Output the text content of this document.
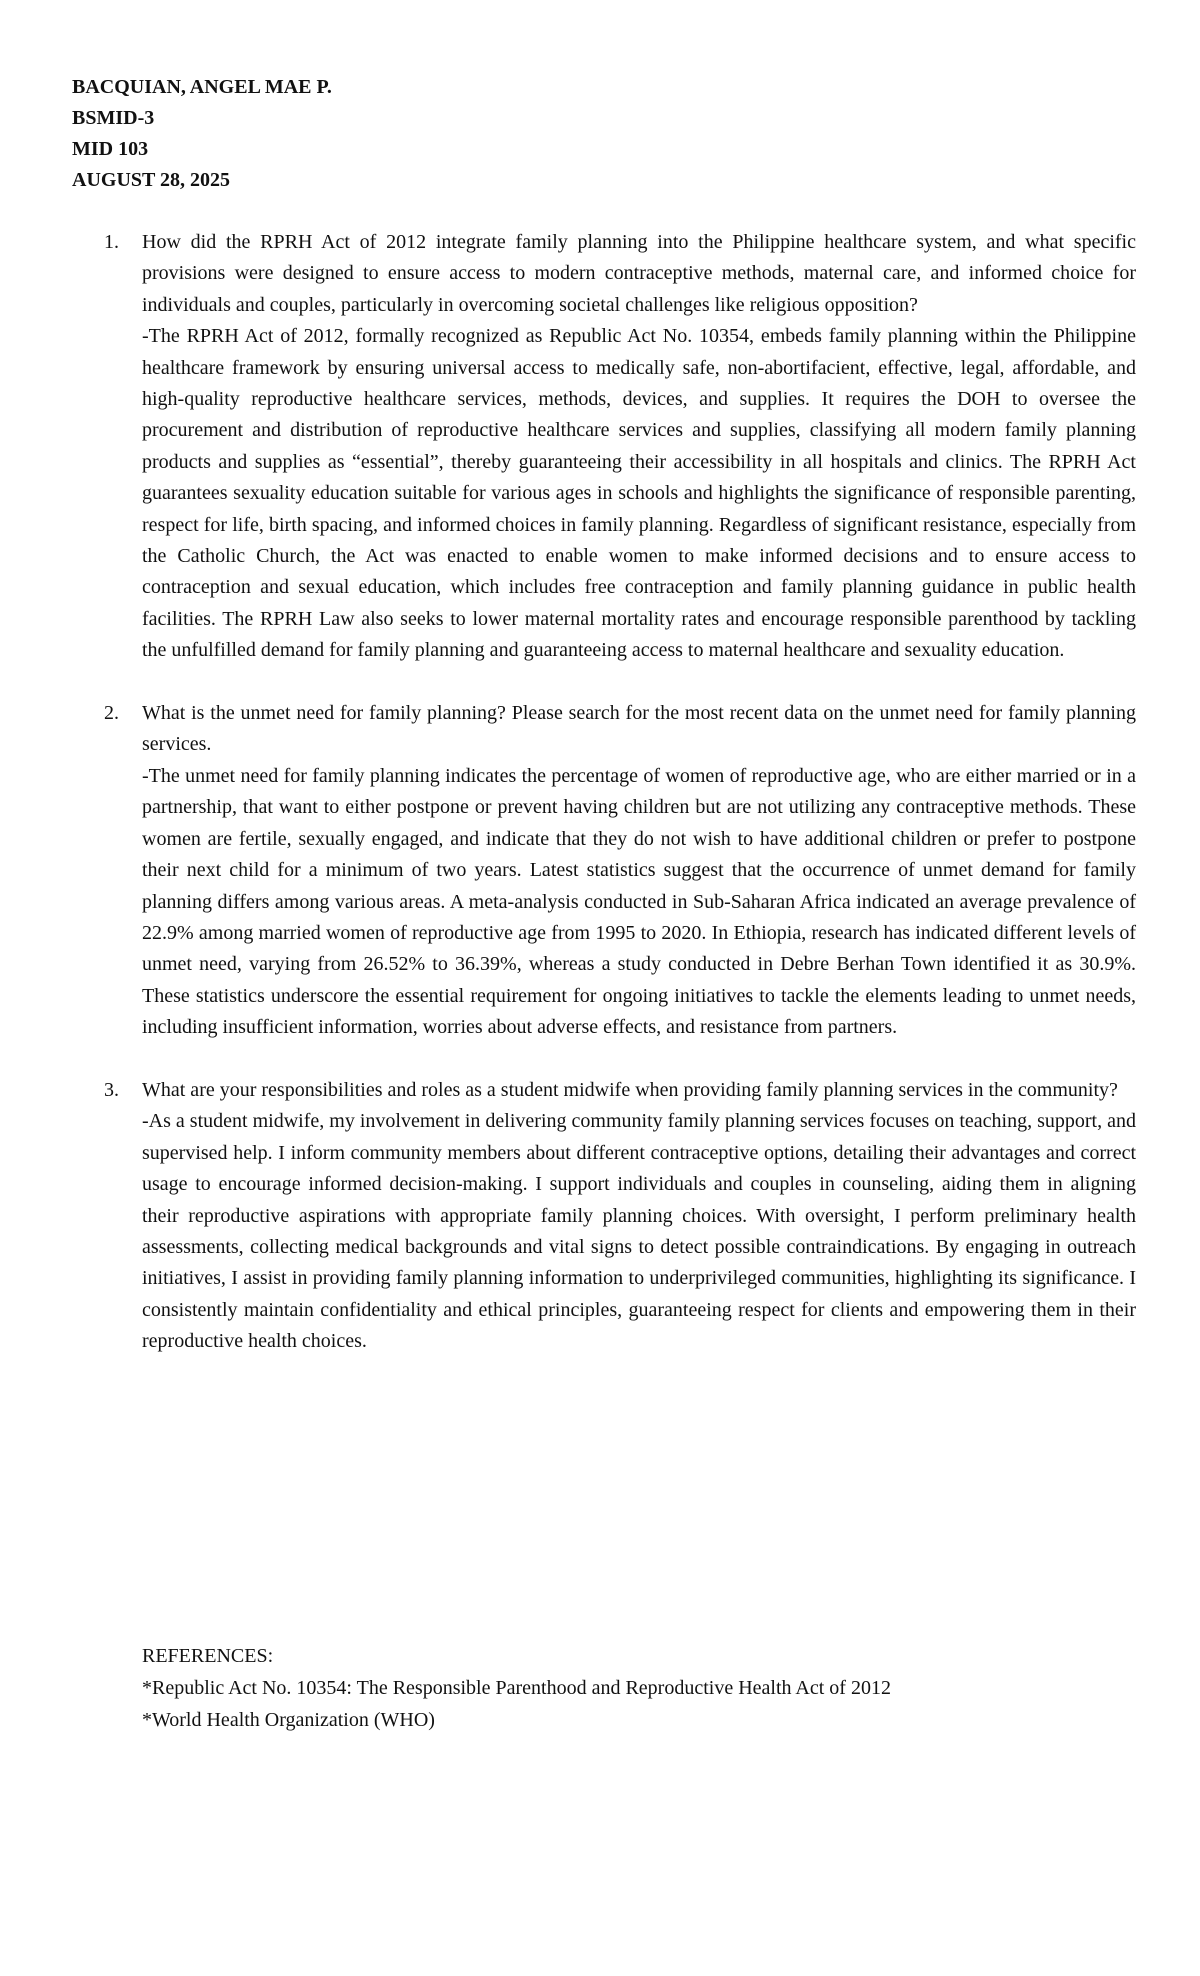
BACQUIAN, ANGEL MAE P.
BSMID-3
MID 103
AUGUST 28, 2025
1. How did the RPRH Act of 2012 integrate family planning into the Philippine healthcare system, and what specific provisions were designed to ensure access to modern contraceptive methods, maternal care, and informed choice for individuals and couples, particularly in overcoming societal challenges like religious opposition?
-The RPRH Act of 2012, formally recognized as Republic Act No. 10354, embeds family planning within the Philippine healthcare framework by ensuring universal access to medically safe, non-abortifacient, effective, legal, affordable, and high-quality reproductive healthcare services, methods, devices, and supplies. It requires the DOH to oversee the procurement and distribution of reproductive healthcare services and supplies, classifying all modern family planning products and supplies as “essential”, thereby guaranteeing their accessibility in all hospitals and clinics. The RPRH Act guarantees sexuality education suitable for various ages in schools and highlights the significance of responsible parenting, respect for life, birth spacing, and informed choices in family planning. Regardless of significant resistance, especially from the Catholic Church, the Act was enacted to enable women to make informed decisions and to ensure access to contraception and sexual education, which includes free contraception and family planning guidance in public health facilities. The RPRH Law also seeks to lower maternal mortality rates and encourage responsible parenthood by tackling the unfulfilled demand for family planning and guaranteeing access to maternal healthcare and sexuality education.
2. What is the unmet need for family planning? Please search for the most recent data on the unmet need for family planning services.
-The unmet need for family planning indicates the percentage of women of reproductive age, who are either married or in a partnership, that want to either postpone or prevent having children but are not utilizing any contraceptive methods. These women are fertile, sexually engaged, and indicate that they do not wish to have additional children or prefer to postpone their next child for a minimum of two years. Latest statistics suggest that the occurrence of unmet demand for family planning differs among various areas. A meta-analysis conducted in Sub-Saharan Africa indicated an average prevalence of 22.9% among married women of reproductive age from 1995 to 2020. In Ethiopia, research has indicated different levels of unmet need, varying from 26.52% to 36.39%, whereas a study conducted in Debre Berhan Town identified it as 30.9%. These statistics underscore the essential requirement for ongoing initiatives to tackle the elements leading to unmet needs, including insufficient information, worries about adverse effects, and resistance from partners.
3. What are your responsibilities and roles as a student midwife when providing family planning services in the community?
-As a student midwife, my involvement in delivering community family planning services focuses on teaching, support, and supervised help. I inform community members about different contraceptive options, detailing their advantages and correct usage to encourage informed decision-making. I support individuals and couples in counseling, aiding them in aligning their reproductive aspirations with appropriate family planning choices. With oversight, I perform preliminary health assessments, collecting medical backgrounds and vital signs to detect possible contraindications. By engaging in outreach initiatives, I assist in providing family planning information to underprivileged communities, highlighting its significance. I consistently maintain confidentiality and ethical principles, guaranteeing respect for clients and empowering them in their reproductive health choices.
REFERENCES:
*Republic Act No. 10354: The Responsible Parenthood and Reproductive Health Act of 2012
*World Health Organization (WHO)
